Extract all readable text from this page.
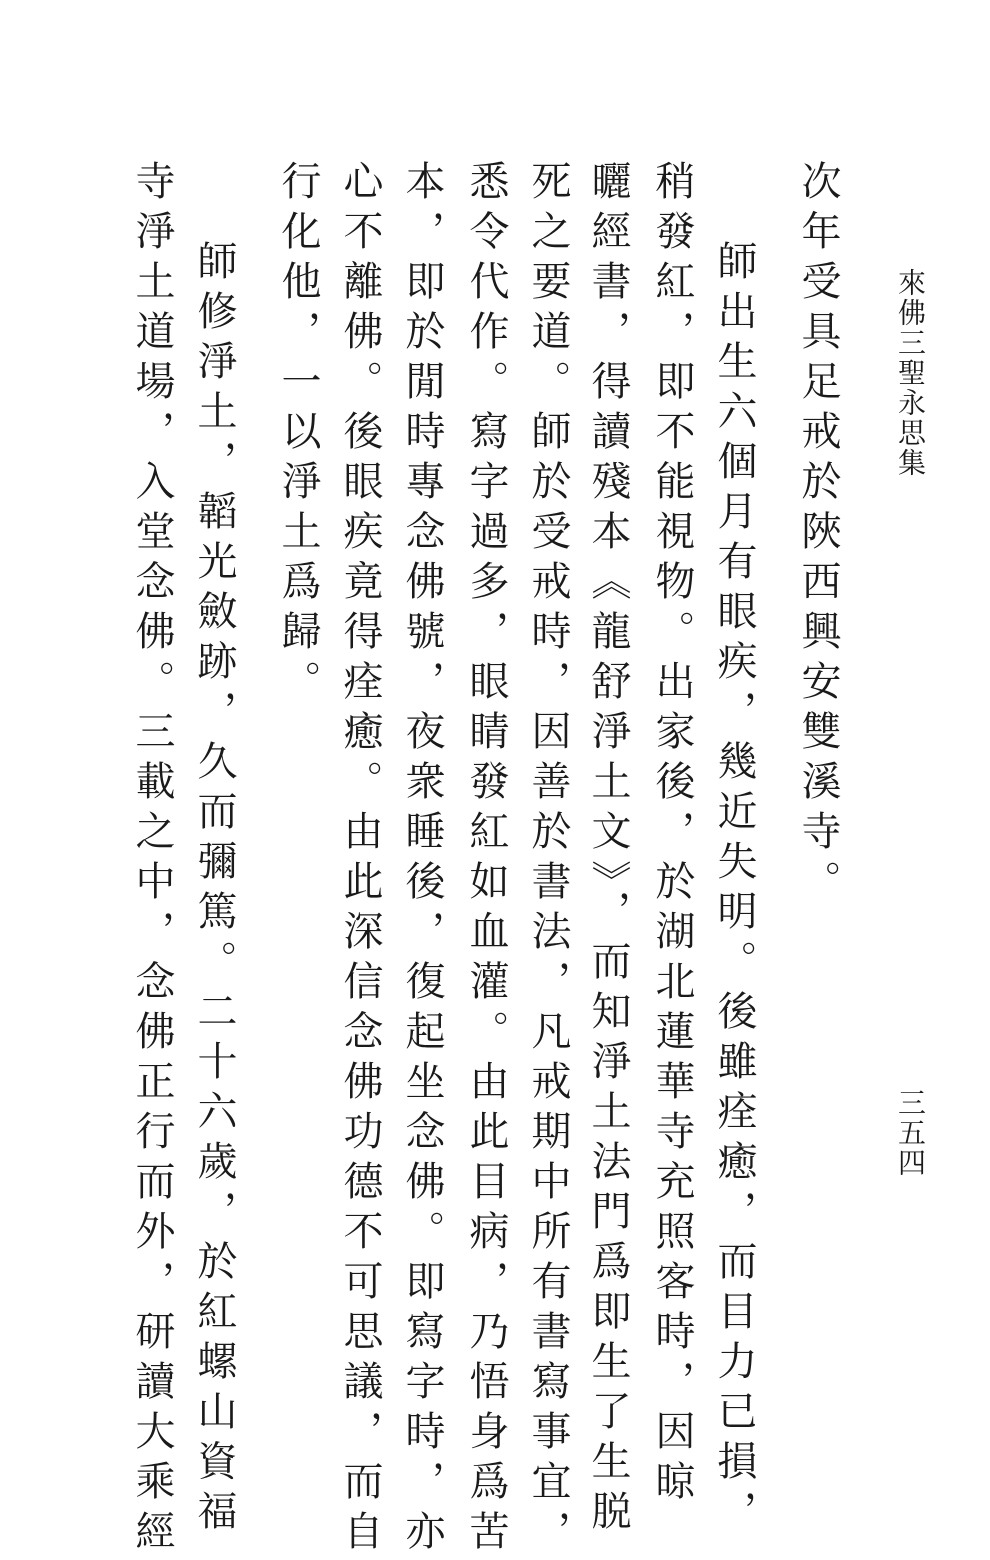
來佛三聖永思集
三五四
次年受具足戒於陜西興安雙溪寺。
師出生六個月有眼疾，幾近失明。後雖痊癒，而目力已損，
稍發紅，即不能視物。出家後，於湖北蓮華寺充照客時，因晾
曬經書，得讀殘本《龍舒淨土文》，而知淨土法門爲即生了生脱
死之要道。師於受戒時，因善於書法，凡戒期中所有書寫事宜，
悉令代作。寫字過多，眼睛發紅如血灌。由此目病，乃悟身爲苦
本，即於閒時專念佛號，夜衆睡後，復起坐念佛。即寫字時，亦
心不離佛。後眼疾竟得痊癒。由此深信念佛功德不可思議，而自
行化他，一以淨土爲歸。
師修淨土，韜光斂跡，久而彌篤。二十六歲，於紅螺山資福
寺淨土道場，入堂念佛。三載之中，念佛正行而外，研讀大乘經
